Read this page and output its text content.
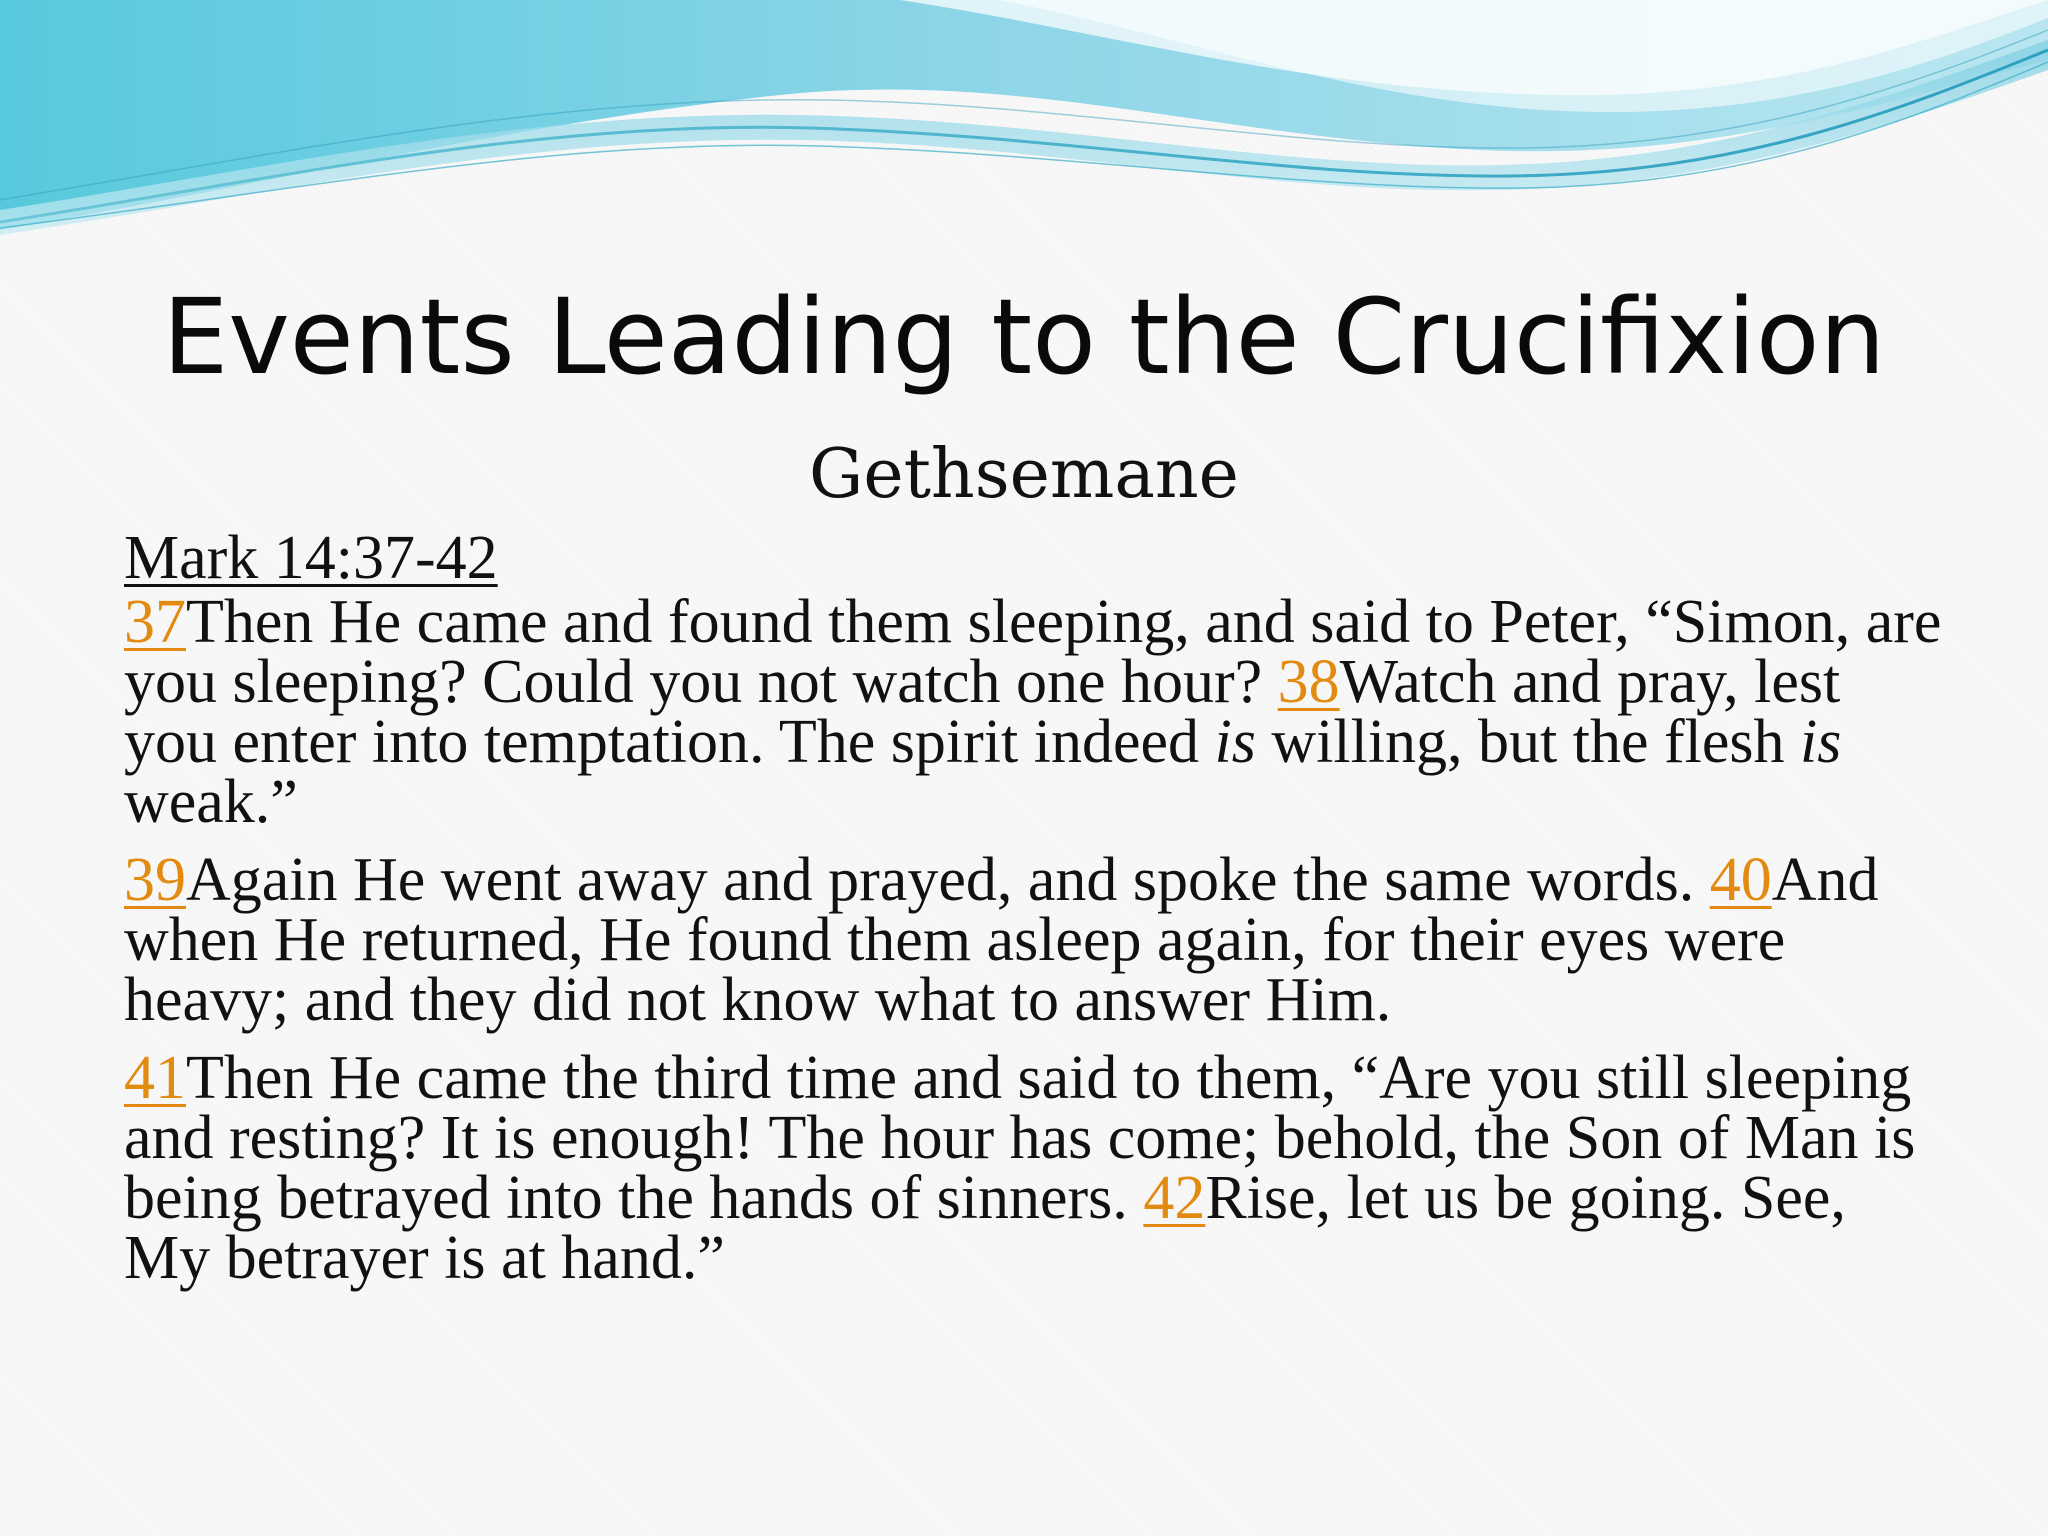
Events Leading to the Crucifixion
Gethsemane
Mark 14:37-42

37Then He came and found them sleeping, and said to Peter, “Simon, are you sleeping? Could you not watch one hour? 38Watch and pray, lest you enter into temptation. The spirit indeed is willing, but the flesh is weak.”

39Again He went away and prayed, and spoke the same words. 40And when He returned, He found them asleep again, for their eyes were heavy; and they did not know what to answer Him.

41Then He came the third time and said to them, “Are you still sleeping and resting? It is enough! The hour has come; behold, the Son of Man is being betrayed into the hands of sinners. 42Rise, let us be going. See, My betrayer is at hand.”
